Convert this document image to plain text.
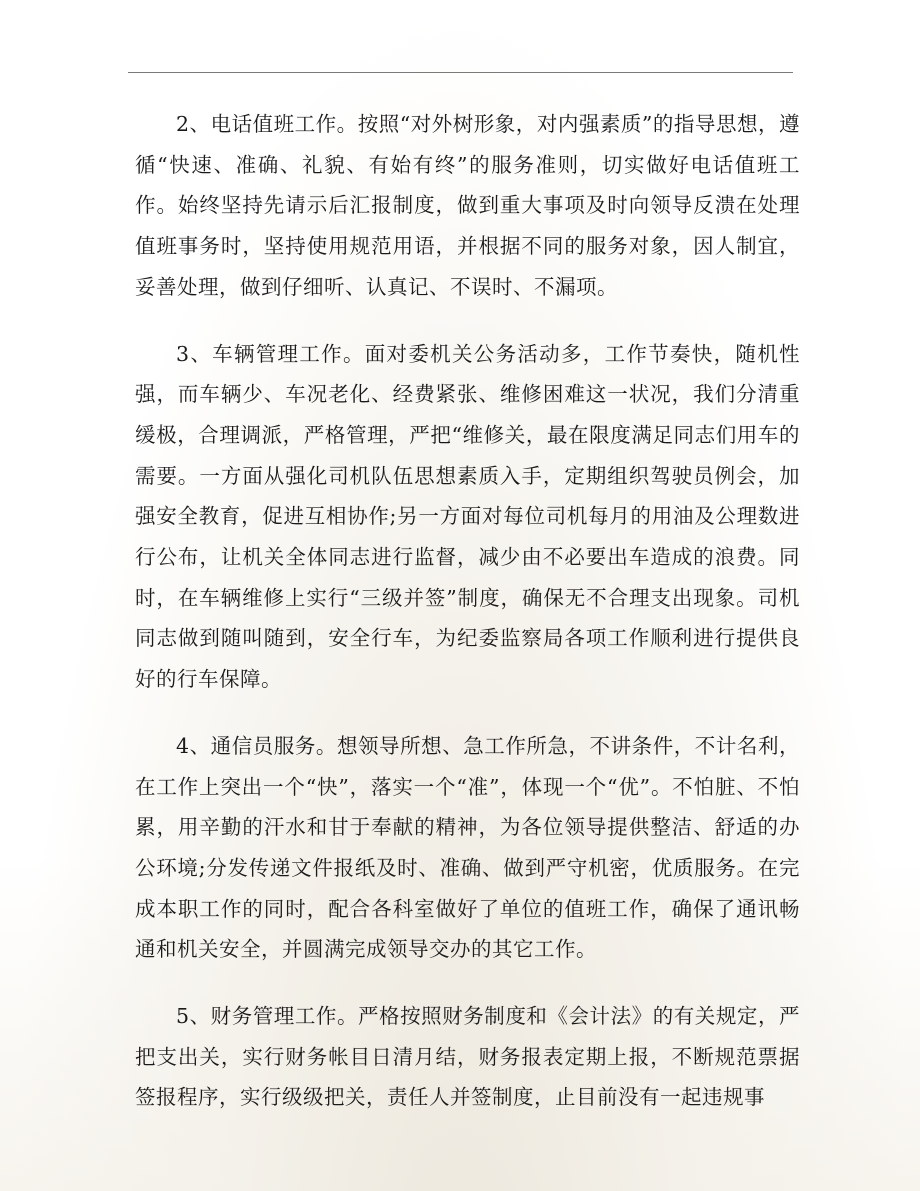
2、电话值班工作。按照“对外树形象，对内强素质”的指导思想，遵循“快速、准确、礼貌、有始有终”的服务准则，切实做好电话值班工作。始终坚持先请示后汇报制度，做到重大事项及时向领导反溃在处理值班事务时，坚持使用规范用语，并根据不同的服务对象，因人制宜，妥善处理，做到仔细听、认真记、不误时、不漏项。

3、车辆管理工作。面对委机关公务活动多，工作节奏快，随机性强，而车辆少、车况老化、经费紧张、维修困难这一状况，我们分清重缓极，合理调派，严格管理，严把“维修关，最在限度满足同志们用车的需要。一方面从强化司机队伍思想素质入手，定期组织驾驶员例会，加强安全教育，促进互相协作;另一方面对每位司机每月的用油及公理数进行公布，让机关全体同志进行监督，减少由不必要出车造成的浪费。同时，在车辆维修上实行“三级并签”制度，确保无不合理支出现象。司机同志做到随叫随到，安全行车，为纪委监察局各项工作顺利进行提供良好的行车保障。

4、通信员服务。想领导所想、急工作所急，不讲条件，不计名利，在工作上突出一个“快”，落实一个“准”，体现一个“优”。不怕脏、不怕累，用辛勤的汗水和甘于奉献的精神，为各位领导提供整洁、舒适的办公环境;分发传递文件报纸及时、准确、做到严守机密，优质服务。在完成本职工作的同时，配合各科室做好了单位的值班工作，确保了通讯畅通和机关安全，并圆满完成领导交办的其它工作。

5、财务管理工作。严格按照财务制度和《会计法》的有关规定，严把支出关，实行财务帐目日清月结，财务报表定期上报，不断规范票据签报程序，实行级级把关，责任人并签制度，止目前没有一起违规事
